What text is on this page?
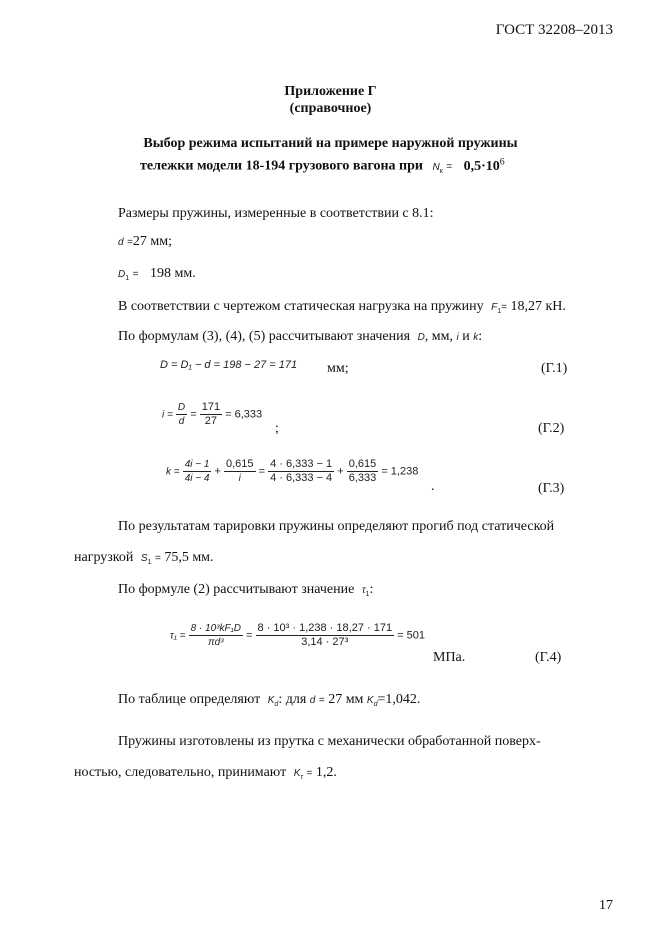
ГОСТ 32208–2013
Приложение Г
(справочное)
Выбор режима испытаний на примере наружной пружины
тележки модели 18-194 грузового вагона при $N_к = 0,5\cdot 10^6$
Размеры пружины, измеренные в соответствии с 8.1:
d =27 мм;
$D_1 = 198$ мм.
В соответствии с чертежом статическая нагрузка на пружину $F_1= 18,27$ кН.
По формулам (3), (4), (5) рассчитывают значения D, мм, i и k:
D = D₁ − d = 198 − 27 = 171 мм;	(Г.1)
$i = \frac{D}{d} = \frac{171}{27} = 6,333$
;	(Г.2)
$k = \frac{4i - 1}{4i - 4} + \frac{0,615}{i} = \frac{4 \cdot 6,333 - 1}{4 \cdot 6,333 - 4} + \frac{0,615}{6,333} = 1,238$
.	(Г.3)
По результатам тарировки пружины определяют прогиб под статической
нагрузкой $S_1 = 75,5$ мм.
По формуле (2) рассчитывают значение $\tau_1$:
$\tau_1 = \frac{\text{8 · 10³kF₁D}}{\text{πd³}} = \frac{\text{8 · 10³ · 1,238 · 18,27 · 171}}{\text{3,14 · 27³}} = 501$
МПа.	(Г.4)
По таблице определяют $K_d$: для d = 27 мм $K_d=1,042$.
Пружины изготовлены из прутка с механически обработанной поверх-
ностью, следовательно, принимают $K_\tau = 1,2$.
17
